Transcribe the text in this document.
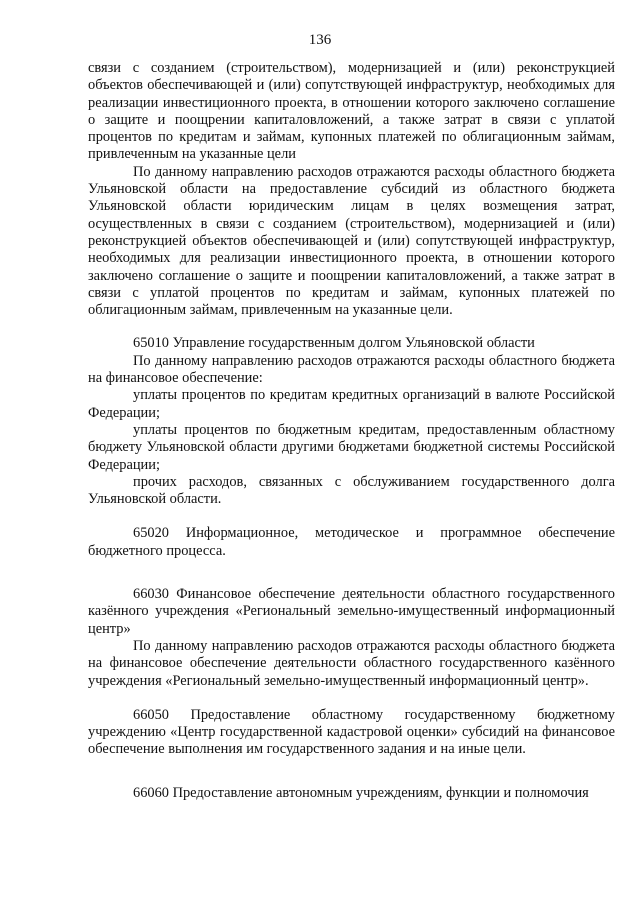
136

связи с созданием (строительством), модернизацией и (или) реконструкцией объектов обеспечивающей и (или) сопутствующей инфраструктур, необходимых для реализации инвестиционного проекта, в отношении которого заключено соглашение о защите и поощрении капиталовложений, а также затрат в связи с уплатой процентов по кредитам и займам, купонных платежей по облигационным займам, привлеченным на указанные цели

По данному направлению расходов отражаются расходы областного бюджета Ульяновской области на предоставление субсидий из областного бюджета Ульяновской области юридическим лицам в целях возмещения затрат, осуществленных в связи с созданием (строительством), модернизацией и (или) реконструкцией объектов обеспечивающей и (или) сопутствующей инфраструктур, необходимых для реализации инвестиционного проекта, в отношении которого заключено соглашение о защите и поощрении капиталовложений, а также затрат в связи с уплатой процентов по кредитам и займам, купонных платежей по облигационным займам, привлеченным на указанные цели.

65010 Управление государственным долгом Ульяновской области

По данному направлению расходов отражаются расходы областного бюджета на финансовое обеспечение:

уплаты процентов по кредитам кредитных организаций в валюте Российской Федерации;

уплаты процентов по бюджетным кредитам, предоставленным областному бюджету Ульяновской области другими бюджетами бюджетной системы Российской Федерации;

прочих расходов, связанных с обслуживанием государственного долга Ульяновской области.

65020 Информационное, методическое и программное обеспечение бюджетного процесса.

66030 Финансовое обеспечение деятельности областного государственного казённого учреждения «Региональный земельно-имущественный информационный центр»

По данному направлению расходов отражаются расходы областного бюджета на финансовое обеспечение деятельности областного государственного казённого учреждения «Региональный земельно-имущественный информационный центр».

66050 Предоставление областному государственному бюджетному учреждению «Центр государственной кадастровой оценки» субсидий на финансовое обеспечение выполнения им государственного задания и на иные цели.

66060 Предоставление автономным учреждениям, функции и полномочия
